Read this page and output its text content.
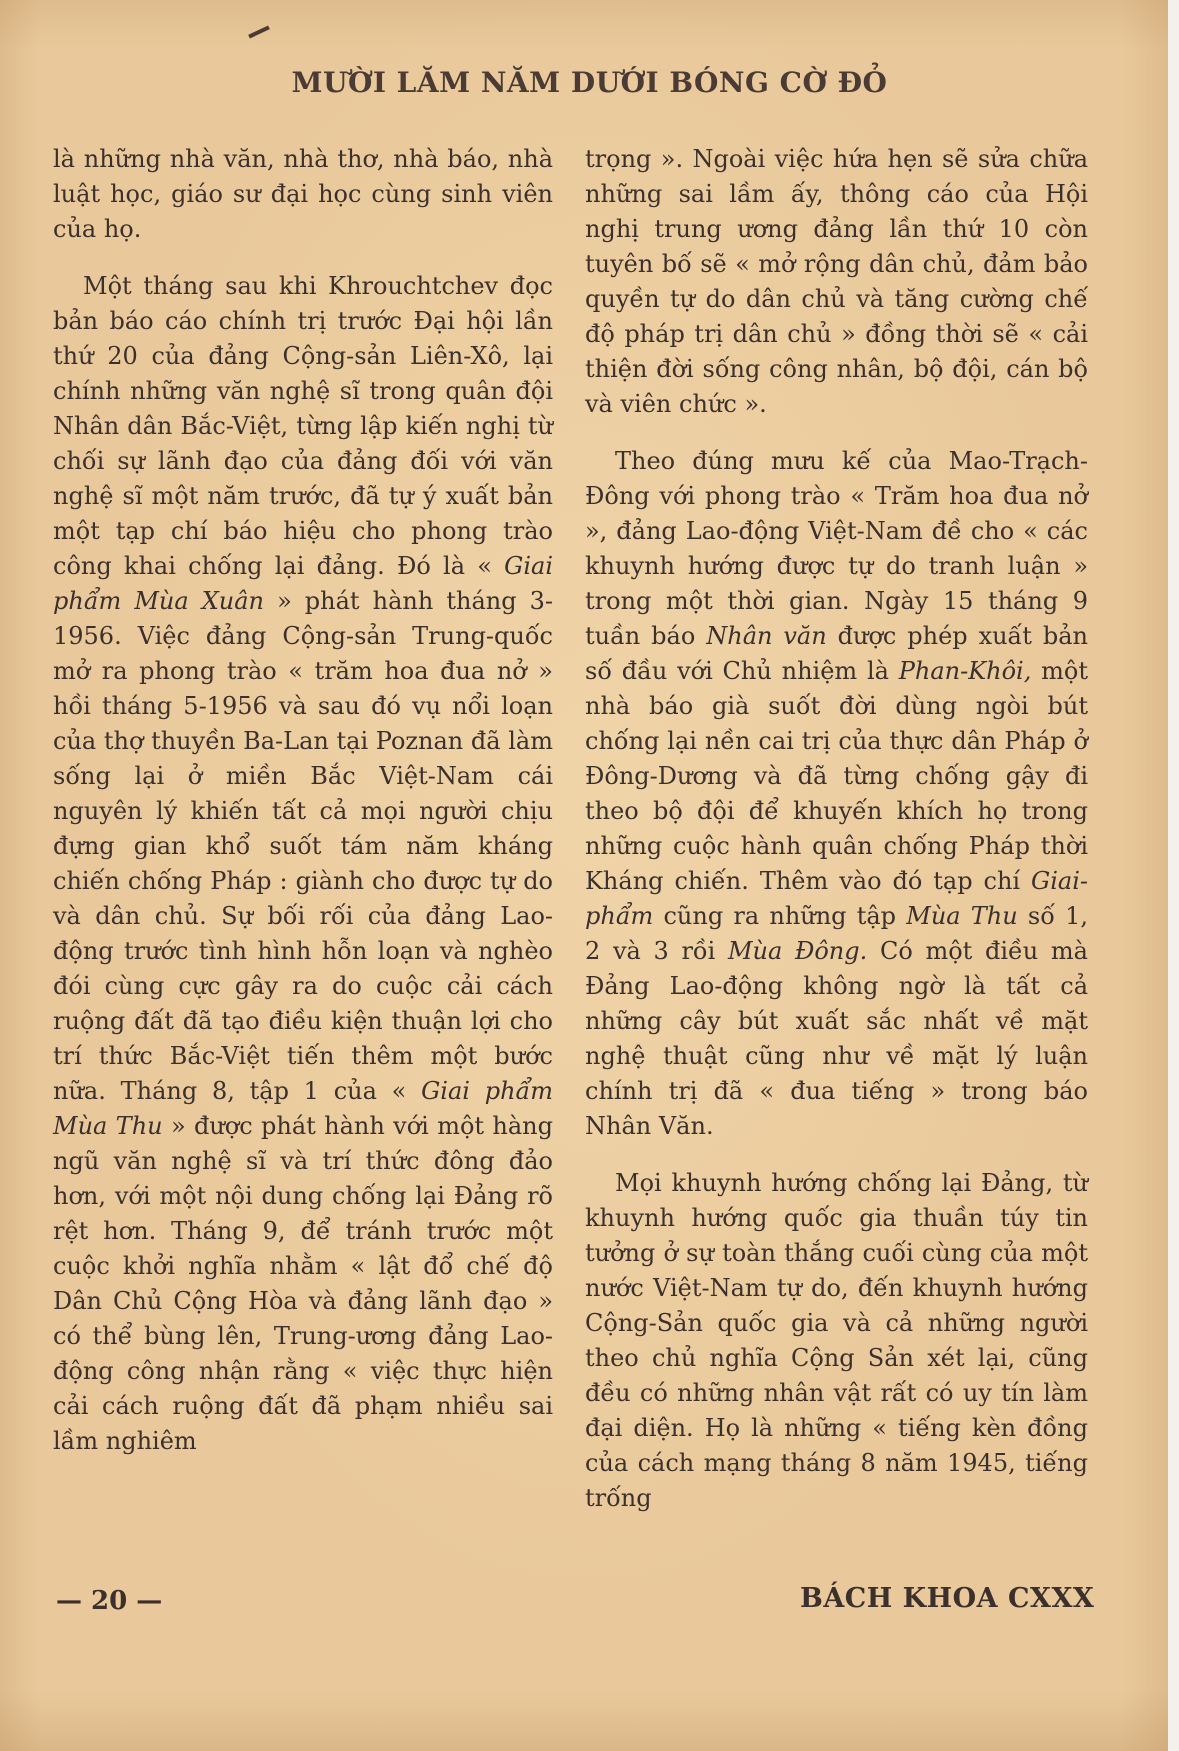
MƯỜI LĂM NĂM DƯỚI BÓNG CỜ ĐỎ

là những nhà văn, nhà thơ, nhà báo, nhà luật học, giáo sư đại học cùng sinh viên của họ.

Một tháng sau khi Khrouchtchev đọc bản báo cáo chính trị trước Đại hội lần thứ 20 của đảng Cộng-sản Liên-Xô, lại chính những văn nghệ sĩ trong quân đội Nhân dân Bắc-Việt, từng lập kiến nghị từ chối sự lãnh đạo của đảng đối với văn nghệ sĩ một năm trước, đã tự ý xuất bản một tạp chí báo hiệu cho phong trào công khai chống lại đảng. Đó là « Giai phẩm Mùa Xuân » phát hành tháng 3-1956. Việc đảng Cộng-sản Trung-quốc mở ra phong trào « trăm hoa đua nở » hồi tháng 5-1956 và sau đó vụ nổi loạn của thợ thuyền Ba-Lan tại Poznan đã làm sống lại ở miền Bắc Việt-Nam cái nguyên lý khiến tất cả mọi người chịu đựng gian khổ suốt tám năm kháng chiến chống Pháp : giành cho được tự do và dân chủ. Sự bối rối của đảng Lao-động trước tình hình hỗn loạn và nghèo đói cùng cực gây ra do cuộc cải cách ruộng đất đã tạo điều kiện thuận lợi cho trí thức Bắc-Việt tiến thêm một bước nữa. Tháng 8, tập 1 của « Giai phẩm Mùa Thu » được phát hành với một hàng ngũ văn nghệ sĩ và trí thức đông đảo hơn, với một nội dung chống lại Đảng rõ rệt hơn. Tháng 9, để tránh trước một cuộc khởi nghĩa nhằm « lật đổ chế độ Dân Chủ Cộng Hòa và đảng lãnh đạo » có thể bùng lên, Trung-ương đảng Lao-động công nhận rằng « việc thực hiện cải cách ruộng đất đã phạm nhiều sai lầm nghiêm

trọng ». Ngoài việc hứa hẹn sẽ sửa chữa những sai lầm ấy, thông cáo của Hội nghị trung ương đảng lần thứ 10 còn tuyên bố sẽ « mở rộng dân chủ, đảm bảo quyền tự do dân chủ và tăng cường chế độ pháp trị dân chủ » đồng thời sẽ « cải thiện đời sống công nhân, bộ đội, cán bộ và viên chức ».

Theo đúng mưu kế của Mao-Trạch-Đông với phong trào « Trăm hoa đua nở », đảng Lao-động Việt-Nam đề cho « các khuynh hướng được tự do tranh luận » trong một thời gian. Ngày 15 tháng 9 tuần báo Nhân văn được phép xuất bản số đầu với Chủ nhiệm là Phan-Khôi, một nhà báo già suốt đời dùng ngòi bút chống lại nền cai trị của thực dân Pháp ở Đông-Dương và đã từng chống gậy đi theo bộ đội để khuyến khích họ trong những cuộc hành quân chống Pháp thời Kháng chiến. Thêm vào đó tạp chí Giai-phẩm cũng ra những tập Mùa Thu số 1, 2 và 3 rồi Mùa Đông. Có một điều mà Đảng Lao-động không ngờ là tất cả những cây bút xuất sắc nhất về mặt nghệ thuật cũng như về mặt lý luận chính trị đã « đua tiếng » trong báo Nhân Văn.

Mọi khuynh hướng chống lại Đảng, từ khuynh hướng quốc gia thuần túy tin tưởng ở sự toàn thắng cuối cùng của một nước Việt-Nam tự do, đến khuynh hướng Cộng-Sản quốc gia và cả những người theo chủ nghĩa Cộng Sản xét lại, cũng đều có những nhân vật rất có uy tín làm đại diện. Họ là những « tiếng kèn đồng của cách mạng tháng 8 năm 1945, tiếng trống

— 20 —	BÁCH KHOA CXXX
